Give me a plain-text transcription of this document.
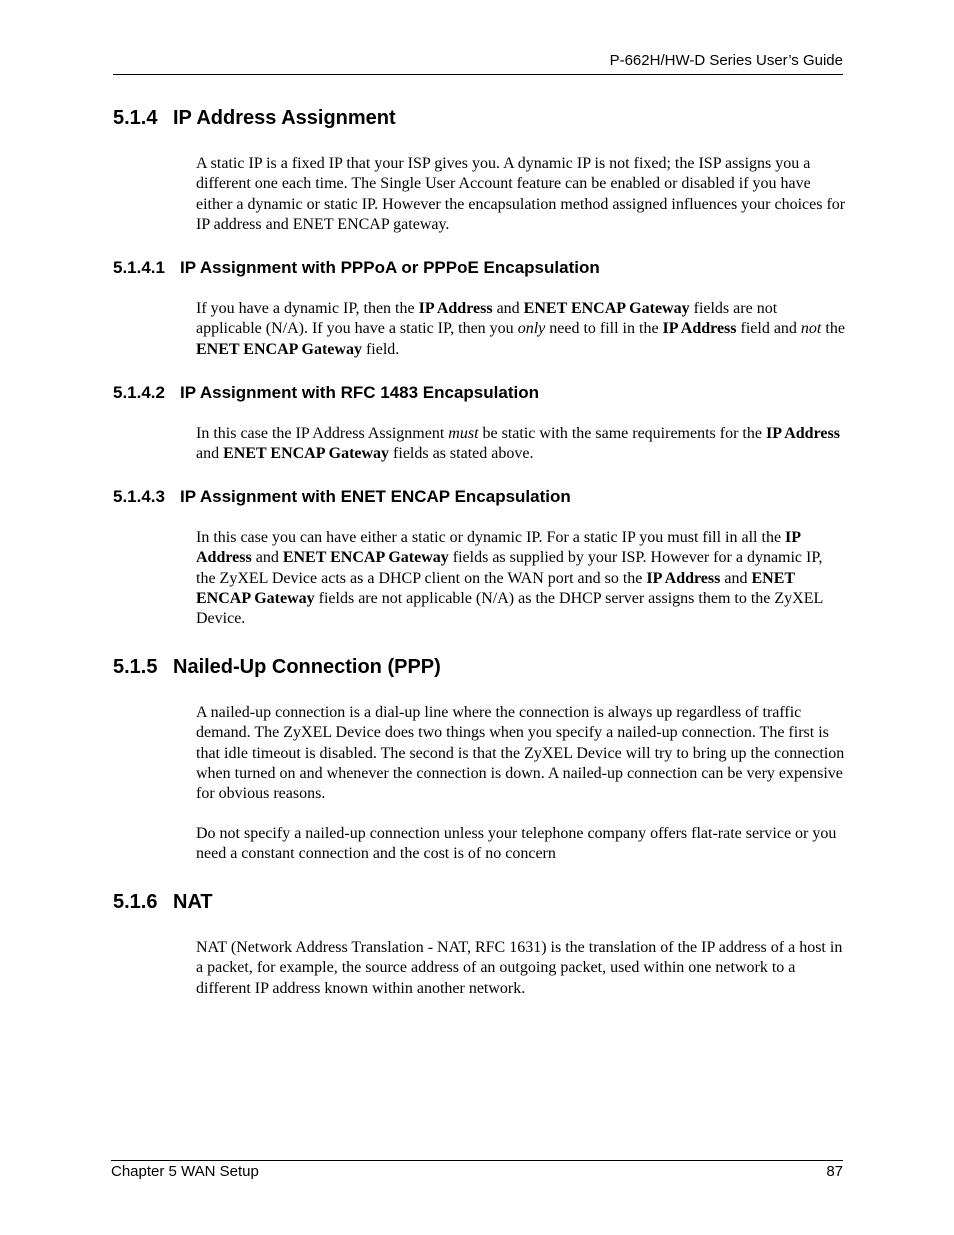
P-662H/HW-D Series User’s Guide
5.1.4 IP Address Assignment

A static IP is a fixed IP that your ISP gives you. A dynamic IP is not fixed; the ISP assigns you a different one each time. The Single User Account feature can be enabled or disabled if you have either a dynamic or static IP. However the encapsulation method assigned influences your choices for IP address and ENET ENCAP gateway.

5.1.4.1 IP Assignment with PPPoA or PPPoE Encapsulation

If you have a dynamic IP, then the IP Address and ENET ENCAP Gateway fields are not applicable (N/A). If you have a static IP, then you only need to fill in the IP Address field and not the ENET ENCAP Gateway field.

5.1.4.2 IP Assignment with RFC 1483 Encapsulation

In this case the IP Address Assignment must be static with the same requirements for the IP Address and ENET ENCAP Gateway fields as stated above.

5.1.4.3 IP Assignment with ENET ENCAP Encapsulation

In this case you can have either a static or dynamic IP. For a static IP you must fill in all the IP Address and ENET ENCAP Gateway fields as supplied by your ISP. However for a dynamic IP, the ZyXEL Device acts as a DHCP client on the WAN port and so the IP Address and ENET ENCAP Gateway fields are not applicable (N/A) as the DHCP server assigns them to the ZyXEL Device.

5.1.5 Nailed-Up Connection (PPP)

A nailed-up connection is a dial-up line where the connection is always up regardless of traffic demand. The ZyXEL Device does two things when you specify a nailed-up connection. The first is that idle timeout is disabled. The second is that the ZyXEL Device will try to bring up the connection when turned on and whenever the connection is down. A nailed-up connection can be very expensive for obvious reasons.

Do not specify a nailed-up connection unless your telephone company offers flat-rate service or you need a constant connection and the cost is of no concern

5.1.6 NAT

NAT (Network Address Translation - NAT, RFC 1631) is the translation of the IP address of a host in a packet, for example, the source address of an outgoing packet, used within one network to a different IP address known within another network.

Chapter 5 WAN Setup	87
